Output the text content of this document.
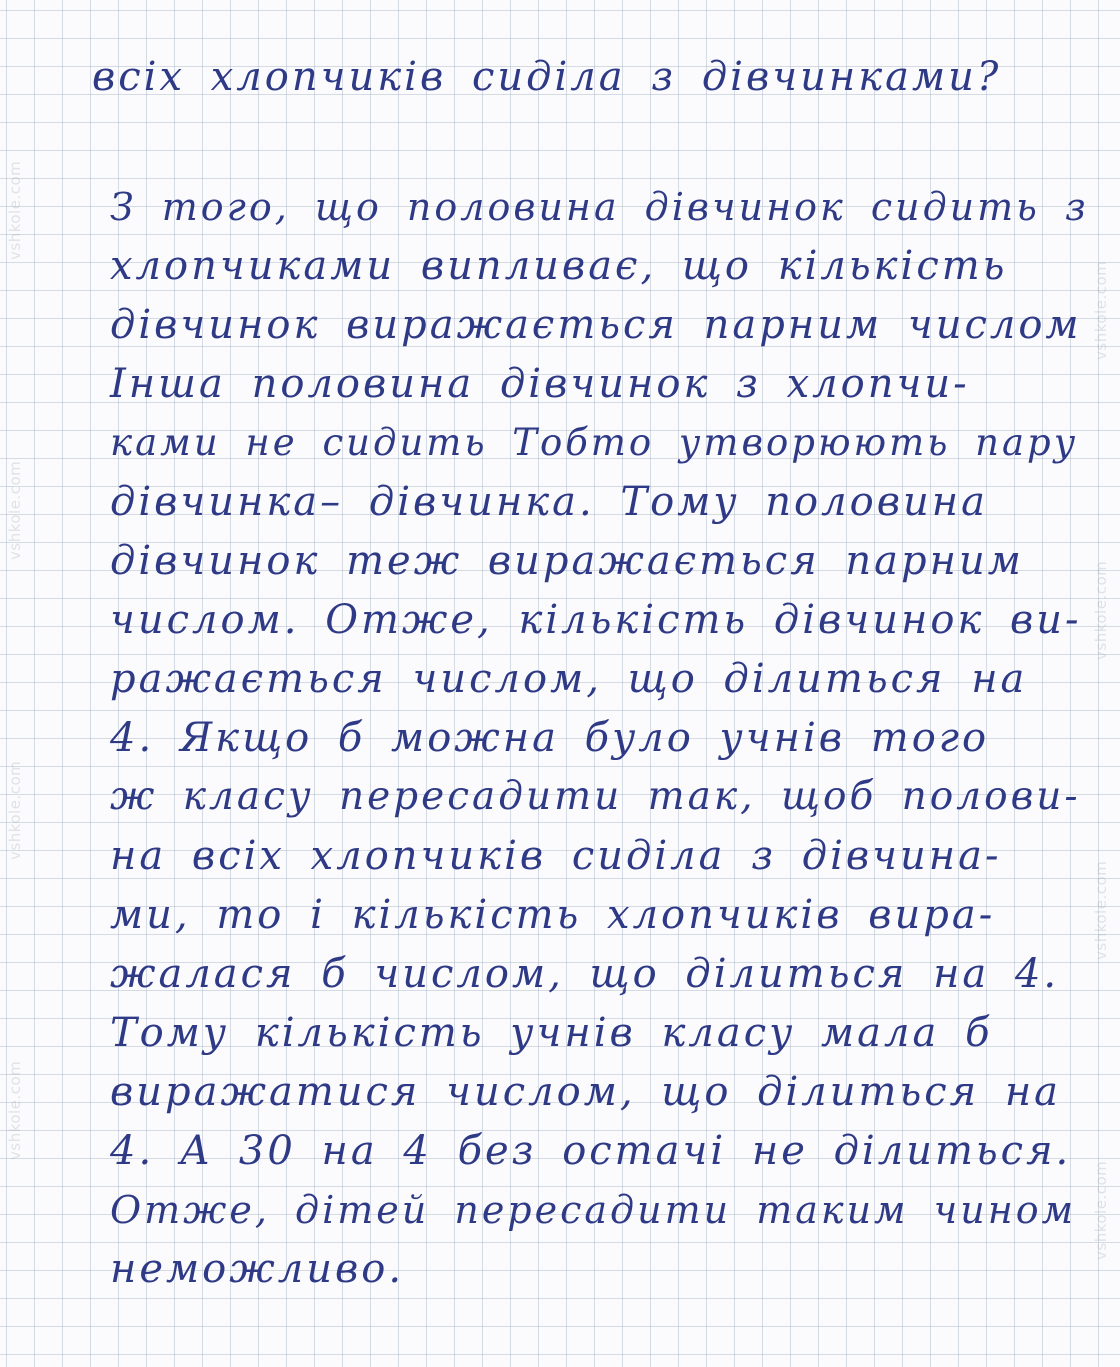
vshkole.com
vshkole.com
vshkole.com
vshkole.com
vshkole.com
vshkole.com
vshkole.com
vshkole.com
всіх хлопчиків сиділа з дівчинками?
З того, що половина дівчинок сидить з
хлопчиками випливає, що кількість
дівчинок виражається парним числом
Інша половина дівчинок з хлопчи-
ками не сидить Тобто утворюють пару
дівчинка– дівчинка. Тому половина
дівчинок теж виражається парним
числом. Отже, кількість дівчинок ви-
ражається числом, що ділиться на
4. Якщо б можна було учнів того
ж класу пересадити так, щоб полови-
на всіх хлопчиків сиділа з дівчина-
ми, то і кількість хлопчиків вира-
жалася б числом, що ділиться на 4.
Тому кількість учнів класу мала б
виражатися числом, що ділиться на
4. А 30 на 4 без остачі не ділиться.
Отже, дітей пересадити таким чином
неможливо.
